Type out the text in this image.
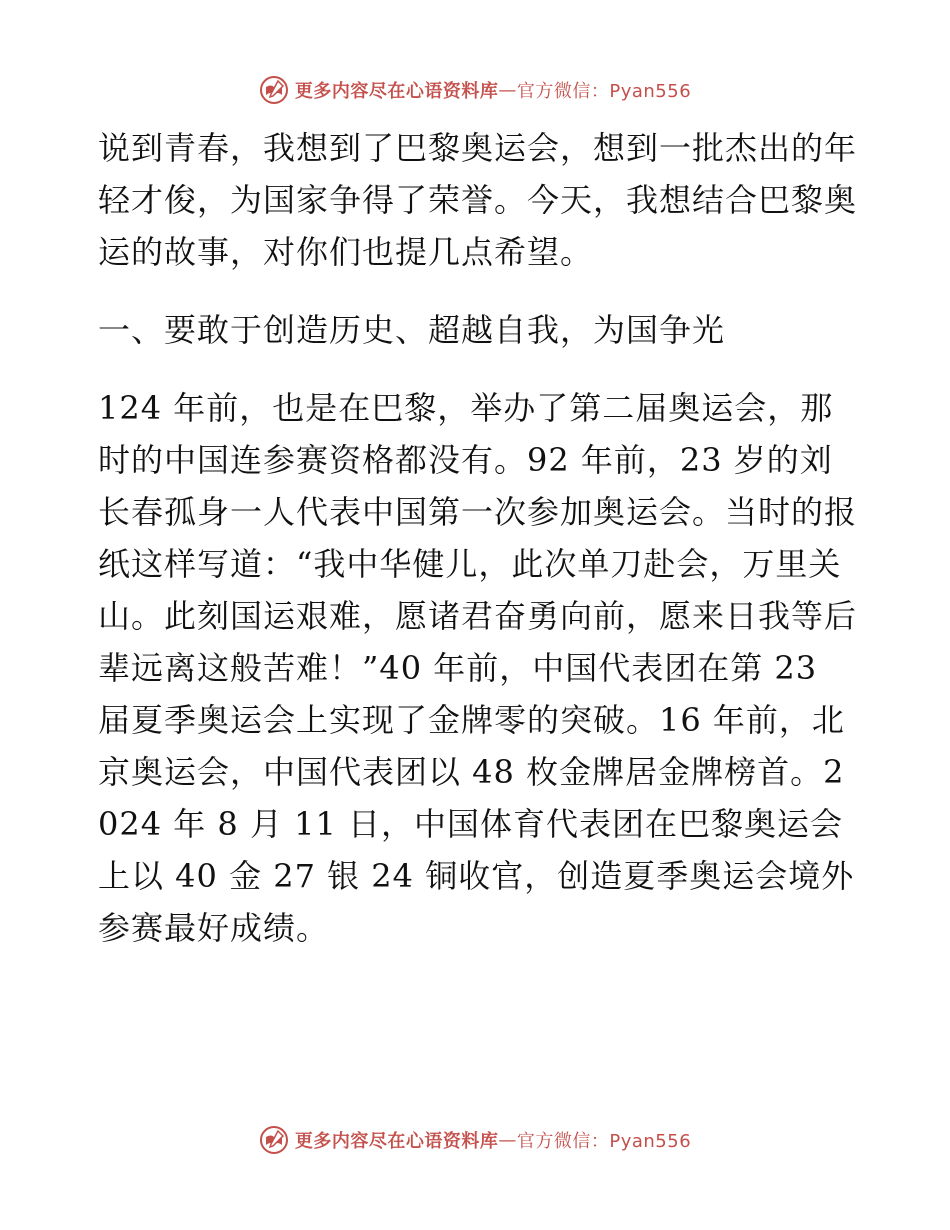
更多内容尽在心语资料库 — 官方微信：Pyan556

说到青春，我想到了巴黎奥运会，想到一批杰出的年轻才俊，为国家争得了荣誉。今天，我想结合巴黎奥运的故事，对你们也提几点希望。

一、要敢于创造历史、超越自我，为国争光

124 年前，也是在巴黎，举办了第二届奥运会，那时的中国连参赛资格都没有。92 年前，23 岁的刘长春孤身一人代表中国第一次参加奥运会。当时的报纸这样写道：“我中华健儿，此次单刀赴会，万里关山。此刻国运艰难，愿诸君奋勇向前，愿来日我等后辈远离这般苦难！”40 年前，中国代表团在第 23 届夏季奥运会上实现了金牌零的突破。16 年前，北京奥运会，中国代表团以 48 枚金牌居金牌榜首。2024 年 8 月 11 日，中国体育代表团在巴黎奥运会上以 40 金 27 银 24 铜收官，创造夏季奥运会境外参赛最好成绩。

更多内容尽在心语资料库 — 官方微信：Pyan556
